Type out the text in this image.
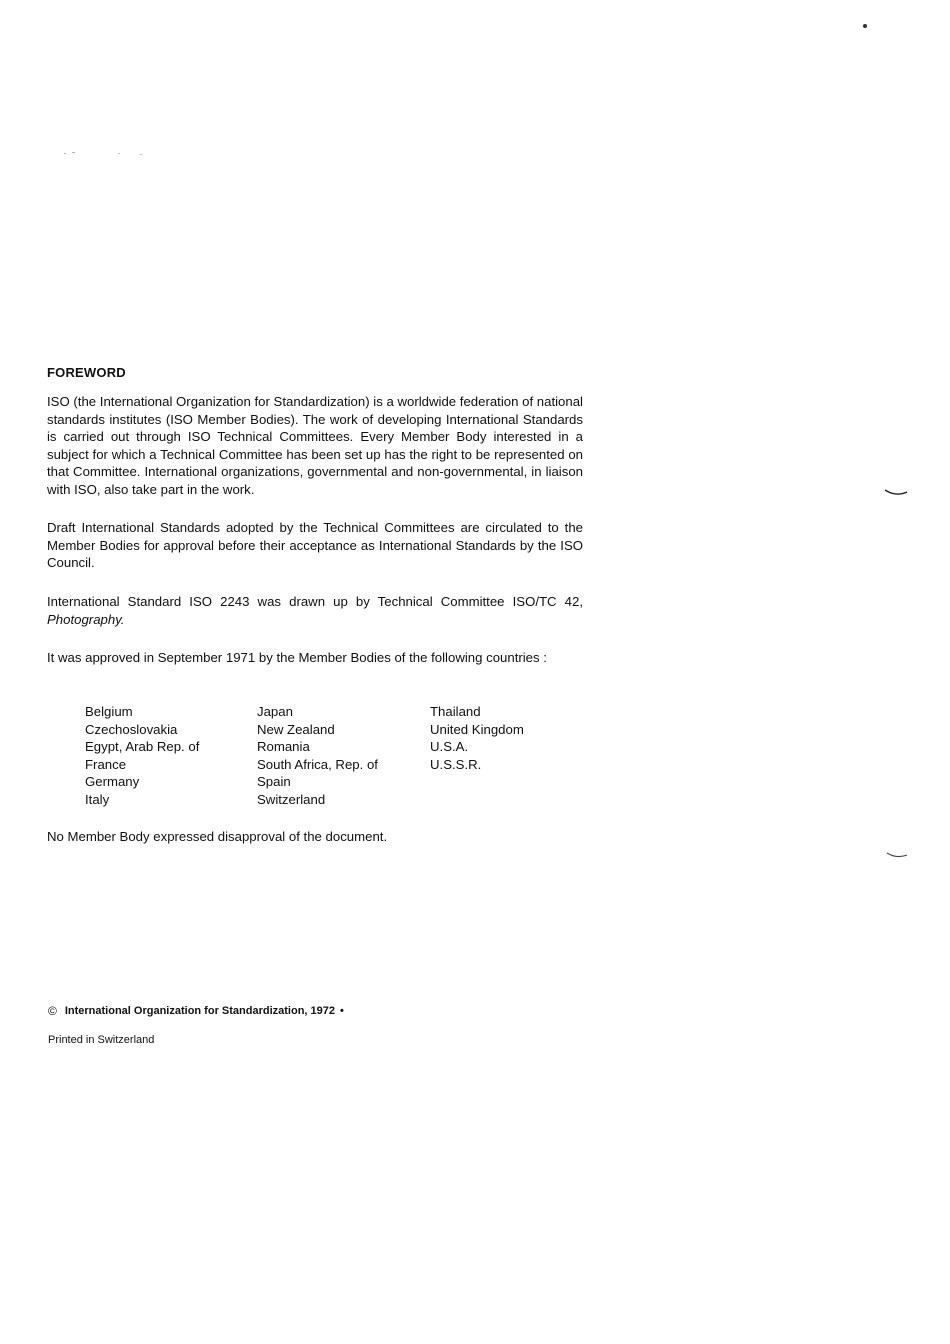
FOREWORD
ISO (the International Organization for Standardization) is a worldwide federation of national standards institutes (ISO Member Bodies). The work of developing International Standards is carried out through ISO Technical Committees. Every Member Body interested in a subject for which a Technical Committee has been set up has the right to be represented on that Committee. International organizations, governmental and non-governmental, in liaison with ISO, also take part in the work.
Draft International Standards adopted by the Technical Committees are circulated to the Member Bodies for approval before their acceptance as International Standards by the ISO Council.
International Standard ISO 2243 was drawn up by Technical Committee ISO/TC 42, Photography.
It was approved in September 1971 by the Member Bodies of the following countries :
Belgium
Czechoslovakia
Egypt, Arab Rep. of
France
Germany
Italy
Japan
New Zealand
Romania
South Africa, Rep. of
Spain
Switzerland
Thailand
United Kingdom
U.S.A.
U.S.S.R.
No Member Body expressed disapproval of the document.
© International Organization for Standardization, 1972 •
Printed in Switzerland
